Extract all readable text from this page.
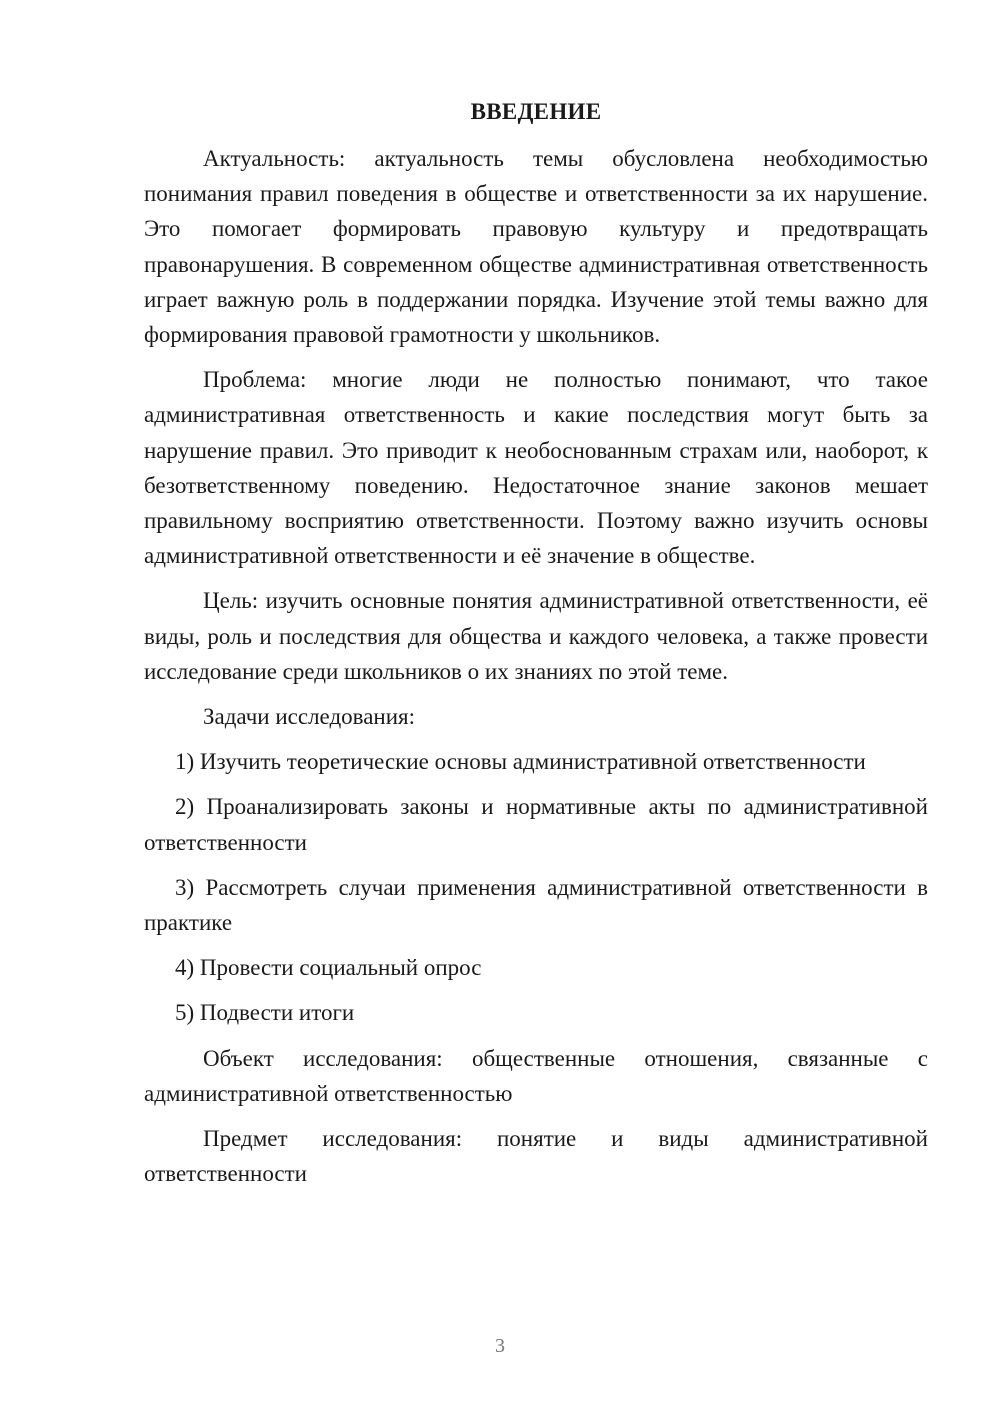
ВВЕДЕНИЕ

Актуальность: актуальность темы обусловлена необходимостью понимания правил поведения в обществе и ответственности за их нарушение. Это помогает формировать правовую культуру и предотвращать правонарушения. В современном обществе административная ответственность играет важную роль в поддержании порядка. Изучение этой темы важно для формирования правовой грамотности у школьников.

Проблема: многие люди не полностью понимают, что такое административная ответственность и какие последствия могут быть за нарушение правил. Это приводит к необоснованным страхам или, наоборот, к безответственному поведению. Недостаточное знание законов мешает правильному восприятию ответственности. Поэтому важно изучить основы административной ответственности и её значение в обществе.

Цель: изучить основные понятия административной ответственности, её виды, роль и последствия для общества и каждого человека, а также провести исследование среди школьников о их знаниях по этой теме.

Задачи исследования:

1) Изучить теоретические основы административной ответственности

2) Проанализировать законы и нормативные акты по административной ответственности

3) Рассмотреть случаи применения административной ответственности в практике

4) Провести социальный опрос

5) Подвести итоги

Объект исследования: общественные отношения, связанные с административной ответственностью

Предмет исследования: понятие и виды административной ответственности

3
